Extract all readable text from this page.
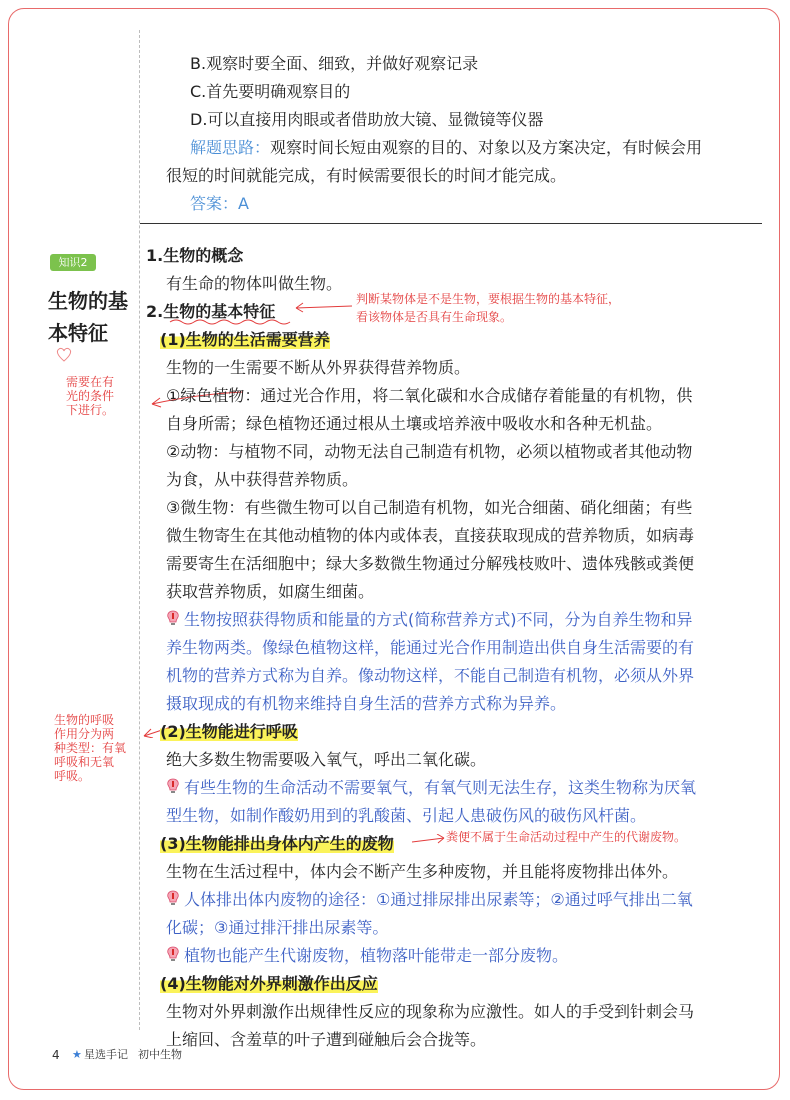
B.观察时要全面、细致，并做好观察记录
C.首先要明确观察目的
D.可以直接用肉眼或者借助放大镜、显微镜等仪器
解题思路：观察时间长短由观察的目的、对象以及方案决定，有时候会用
很短的时间就能完成，有时候需要很长的时间才能完成。
答案：A
知识2
生物的基
本特征
需要在有
光的条件
下进行。
生物的呼吸
作用分为两
种类型：有氧
呼吸和无氧
呼吸。
1.生物的概念
有生命的物体叫做生物。
2.生物的基本特征
判断某物体是不是生物，要根据生物的基本特征，
看该物体是否具有生命现象。
(1)生物的生活需要营养
生物的一生需要不断从外界获得营养物质。
①绿色植物：通过光合作用，将二氧化碳和水合成储存着能量的有机物，供
自身所需；绿色植物还通过根从土壤或培养液中吸收水和各种无机盐。
②动物：与植物不同，动物无法自己制造有机物，必须以植物或者其他动物
为食，从中获得营养物质。
③微生物：有些微生物可以自己制造有机物，如光合细菌、硝化细菌；有些
微生物寄生在其他动植物的体内或体表，直接获取现成的营养物质，如病毒
需要寄生在活细胞中；绿大多数微生物通过分解残枝败叶、遗体残骸或粪便
获取营养物质，如腐生细菌。
生物按照获得物质和能量的方式(简称营养方式)不同，分为自养生物和异
养生物两类。像绿色植物这样，能通过光合作用制造出供自身生活需要的有
机物的营养方式称为自养。像动物这样，不能自己制造有机物，必须从外界
摄取现成的有机物来维持自身生活的营养方式称为异养。
(2)生物能进行呼吸
绝大多数生物需要吸入氧气，呼出二氧化碳。
有些生物的生命活动不需要氧气，有氧气则无法生存，这类生物称为厌氧
型生物，如制作酸奶用到的乳酸菌、引起人患破伤风的破伤风杆菌。
(3)生物能排出身体内产生的废物	粪便不属于生命活动过程中产生的代谢废物。
生物在生活过程中，体内会不断产生多种废物，并且能将废物排出体外。
人体排出体内废物的途径：①通过排尿排出尿素等；②通过呼气排出二氧
化碳；③通过排汗排出尿素等。
植物也能产生代谢废物，植物落叶能带走一部分废物。
(4)生物能对外界刺激作出反应
生物对外界刺激作出规律性反应的现象称为应激性。如人的手受到针刺会马
上缩回、含羞草的叶子遭到碰触后会合拢等。
4 ★ 星选手记 初中生物
